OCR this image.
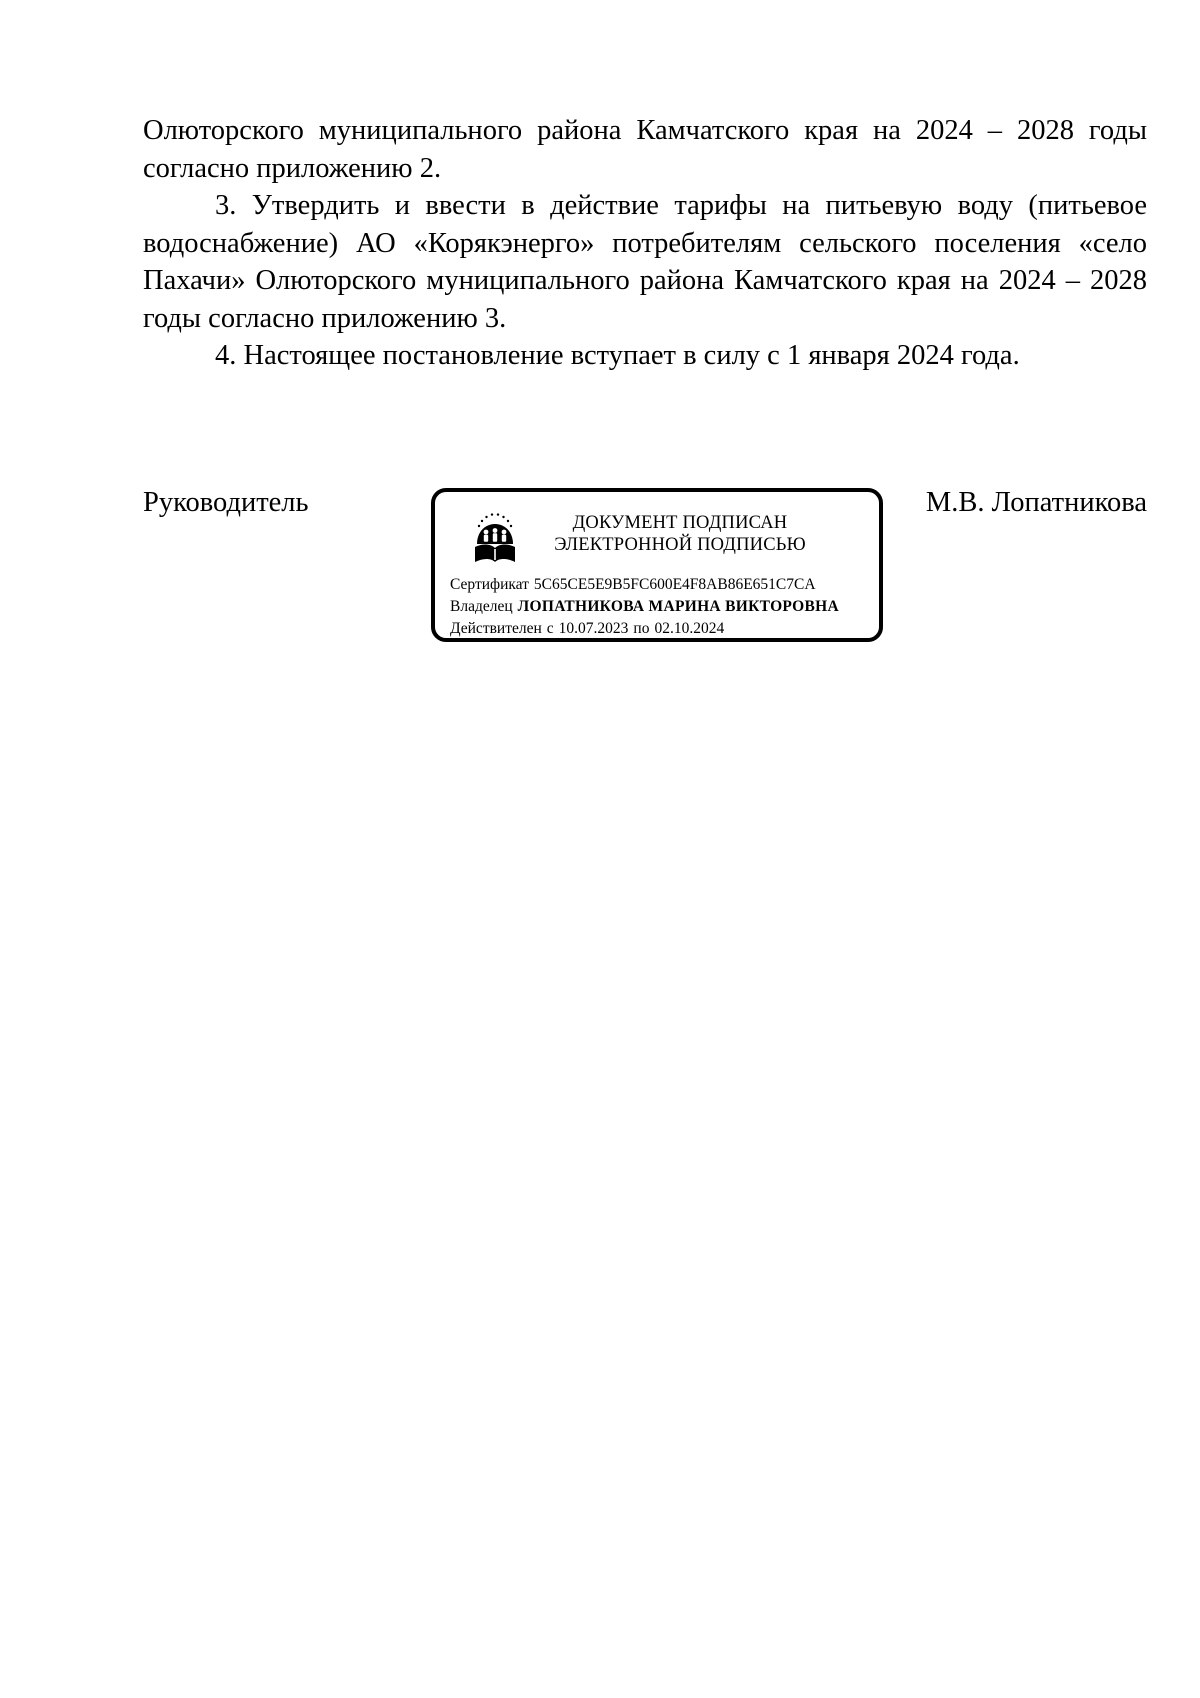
Олюторского муниципального района Камчатского края на 2024 – 2028 годы согласно приложению 2.

3. Утвердить и ввести в действие тарифы на питьевую воду (питьевое водоснабжение) АО «Корякэнерго» потребителям сельского поселения «село Пахачи» Олюторского муниципального района Камчатского края на 2024 – 2028 годы согласно приложению 3.

4. Настоящее постановление вступает в силу с 1 января 2024 года.

Руководитель	М.В. Лопатникова
ДОКУМЕНТ ПОДПИСАН
ЭЛЕКТРОННОЙ ПОДПИСЬЮ
Сертификат 5C65CE5E9B5FC600E4F8AB86E651C7CA
Владелец ЛОПАТНИКОВА МАРИНА ВИКТОРОВНА
Действителен с 10.07.2023 по 02.10.2024
